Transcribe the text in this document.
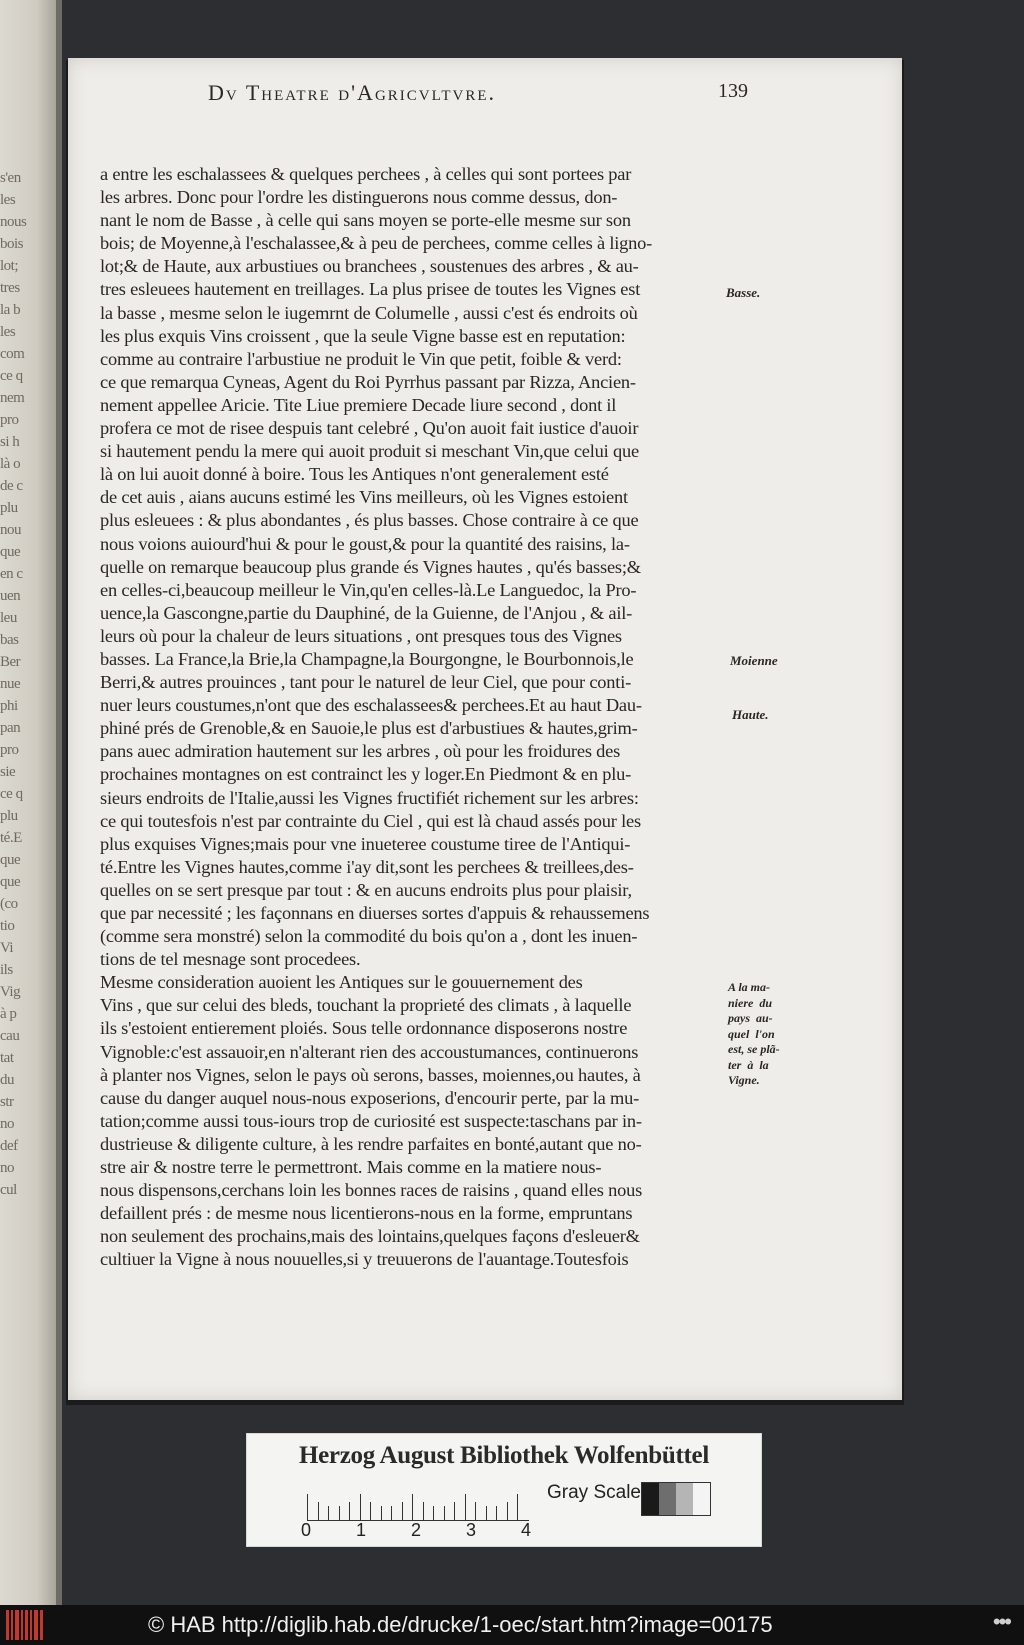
s'en
les
nous
bois
lot;
tres
la b
les
com
ce q
nem
pro
si h
là o
de c
plu
nou
que
en c
uen
leu
bas
Ber
nue
phi
pan
pro
sie
ce q
plu
té.E
que
que
(co
tio
Vi
ils
Vig
à p
cau
tat
du
str
no
def
no
cul
Dv Theatre d'Agricvltvre.	139
a entre les eschalassees & quelques perchees , à celles qui sont portees par
les arbres. Donc pour l'ordre les distinguerons nous comme dessus, don-
nant le nom de Basse , à celle qui sans moyen se porte-elle mesme sur son
bois; de Moyenne,à l'eschalassee,& à peu de perchees, comme celles à ligno-
lot;& de Haute, aux arbustiues ou branchees , soustenues des arbres , & au-
tres esleuees hautement en treillages. La plus prisee de toutes les Vignes est
la basse , mesme selon le iugemrnt de Columelle , aussi c'est és endroits où
les plus exquis Vins croissent , que la seule Vigne basse est en reputation:
comme au contraire l'arbustiue ne produit le Vin que petit, foible & verd:
ce que remarqua Cyneas, Agent du Roi Pyrrhus passant par Rizza, Ancien-
nement appellee Aricie. Tite Liue premiere Decade liure second , dont il
profera ce mot de risee despuis tant celebré , Qu'on auoit fait iustice d'auoir
si hautement pendu la mere qui auoit produit si meschant Vin,que celui que
là on lui auoit donné à boire. Tous les Antiques n'ont generalement esté
de cet auis , aians aucuns estimé les Vins meilleurs, où les Vignes estoient
plus esleuees : & plus abondantes , és plus basses. Chose contraire à ce que
nous voions auiourd'hui & pour le goust,& pour la quantité des raisins, la-
quelle on remarque beaucoup plus grande és Vignes hautes , qu'és basses;&
en celles-ci,beaucoup meilleur le Vin,qu'en celles-là.Le Languedoc, la Pro-
uence,la Gascongne,partie du Dauphiné, de la Guienne, de l'Anjou , & ail-
leurs où pour la chaleur de leurs situations , ont presques tous des Vignes
basses. La France,la Brie,la Champagne,la Bourgongne, le Bourbonnois,le
Berri,& autres prouinces , tant pour le naturel de leur Ciel, que pour conti-
nuer leurs coustumes,n'ont que des eschalassees& perchees.Et au haut Dau-
phiné prés de Grenoble,& en Sauoie,le plus est d'arbustiues & hautes,grim-
pans auec admiration hautement sur les arbres , où pour les froidures des
prochaines montagnes on est contrainct les y loger.En Piedmont & en plu-
sieurs endroits de l'Italie,aussi les Vignes fructifiét richement sur les arbres:
ce qui toutesfois n'est par contrainte du Ciel , qui est là chaud assés pour les
plus exquises Vignes;mais pour vne inueteree coustume tiree de l'Antiqui-
té.Entre les Vignes hautes,comme i'ay dit,sont les perchees & treillees,des-
quelles on se sert presque par tout : & en aucuns endroits plus pour plaisir,
que par necessité ; les façonnans en diuerses sortes d'appuis & rehaussemens
(comme sera monstré) selon la commodité du bois qu'on a , dont les inuen-
tions de tel mesnage sont procedees.
Mesme consideration auoient les Antiques sur le gouuernement des
Vins , que sur celui des bleds, touchant la proprieté des climats , à laquelle
ils s'estoient entierement ploiés. Sous telle ordonnance disposerons nostre
Vignoble:c'est assauoir,en n'alterant rien des accoustumances, continuerons
à planter nos Vignes, selon le pays où serons, basses, moiennes,ou hautes, à
cause du danger auquel nous-nous exposerions, d'encourir perte, par la mu-
tation;comme aussi tous-iours trop de curiosité est suspecte:taschans par in-
dustrieuse & diligente culture, à les rendre parfaites en bonté,autant que no-
stre air & nostre terre le permettront. Mais comme en la matiere nous-
nous dispensons,cerchans loin les bonnes races de raisins , quand elles nous
defaillent prés : de mesme nous licentierons-nous en la forme, empruntans
non seulement des prochains,mais des lointains,quelques façons d'esleuer&
cultiuer la Vigne à nous nouuelles,si y treuuerons de l'auantage.Toutesfois
Basse.
Moienne
Haute.
A la ma-
niere  du
pays  au-
quel  l'on
est, se plã-
ter  à  la
Vigne.
Herzog August Bibliothek Wolfenbüttel
0 1 2 3 4
Gray Scale
© HAB http://diglib.hab.de/drucke/1-oec/start.htm?image=00175	•••
